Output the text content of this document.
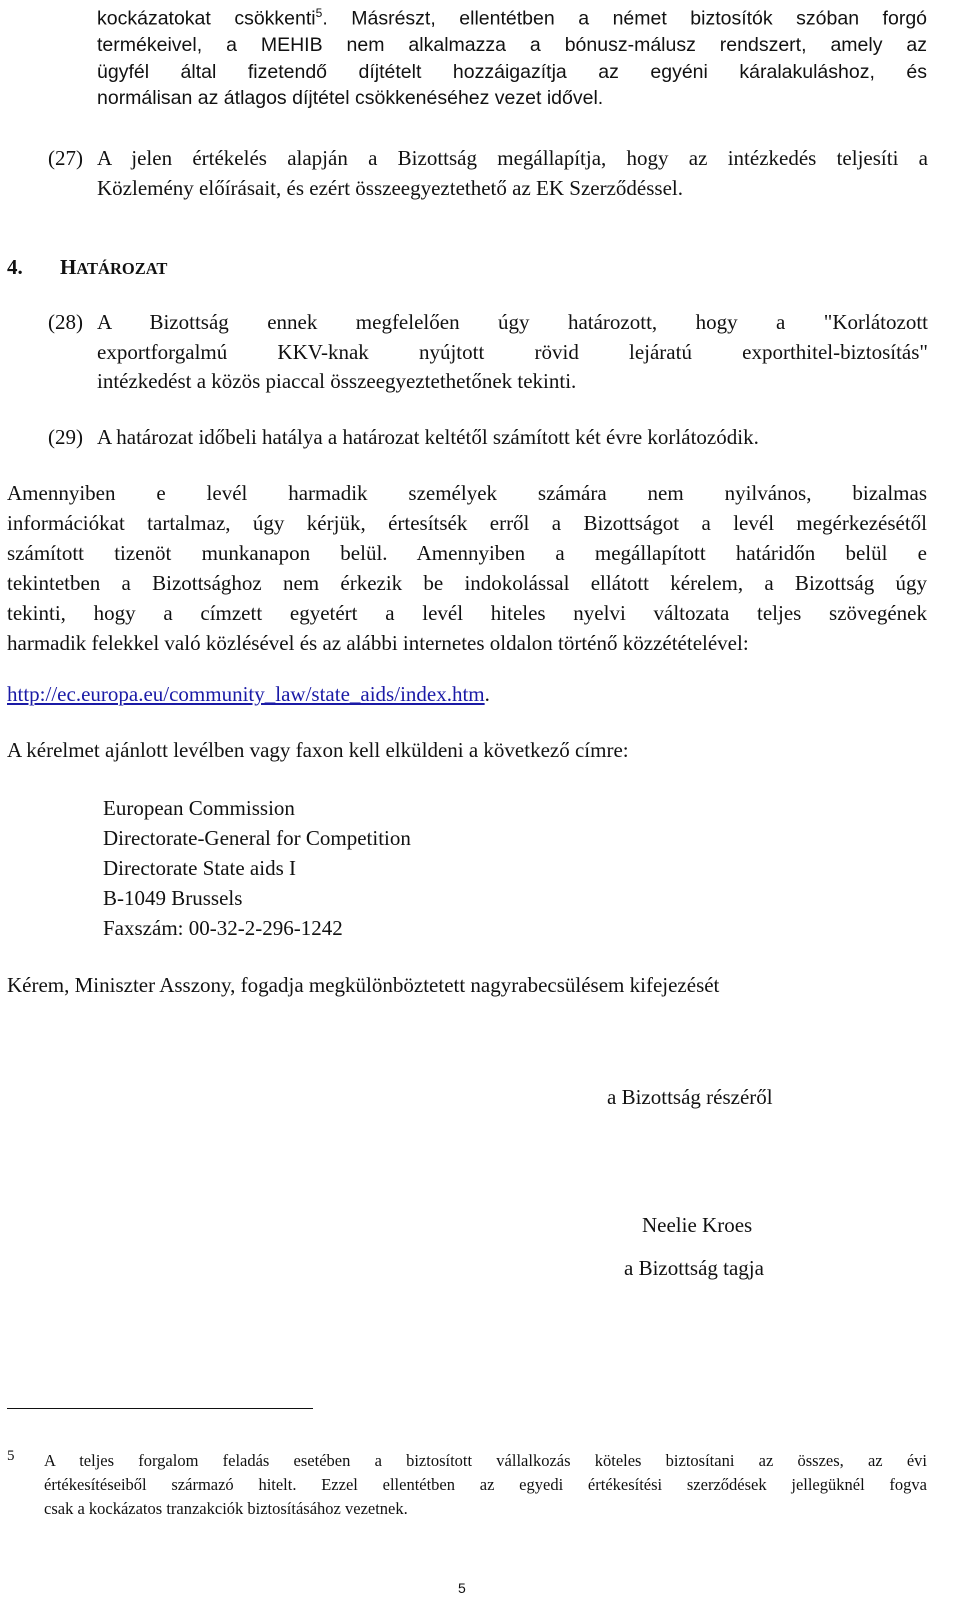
kockázatokat csökkenti$^5$. Másrészt, ellentétben a német biztosítók szóban forgó
termékeivel, a MEHIB nem alkalmazza a bónusz-málusz rendszert, amely az
ügyfél által fizetendő díjtételt hozzáigazítja az egyéni káralakuláshoz, és
normálisan az átlagos díjtétel csökkenéséhez vezet idővel.
(27) A jelen értékelés alapján a Bizottság megállapítja, hogy az intézkedés teljesíti a
Közlemény előírásait, és ezért összeegyeztethető az EK Szerződéssel.
4. HATÁROZAT
(28) A Bizottság ennek megfelelően úgy határozott, hogy a "Korlátozott
exportforgalmú KKV-knak nyújtott rövid lejáratú exporthitel-biztosítás"
intézkedést a közös piaccal összeegyeztethetőnek tekinti.
(29) A határozat időbeli hatálya a határozat keltétől számított két évre korlátozódik.
Amennyiben e levél harmadik személyek számára nem nyilvános, bizalmas
információkat tartalmaz, úgy kérjük, értesítsék erről a Bizottságot a levél megérkezésétől
számított tizenöt munkanapon belül. Amennyiben a megállapított határidőn belül e
tekintetben a Bizottsághoz nem érkezik be indokolással ellátott kérelem, a Bizottság úgy
tekinti, hogy a címzett egyetért a levél hiteles nyelvi változata teljes szövegének
harmadik felekkel való közlésével és az alábbi internetes oldalon történő közzétételével:
http://ec.europa.eu/community_law/state_aids/index.htm.
A kérelmet ajánlott levélben vagy faxon kell elküldeni a következő címre:
European Commission
Directorate-General for Competition
Directorate State aids I
B-1049 Brussels
Faxszám: 00-32-2-296-1242
Kérem, Miniszter Asszony, fogadja megkülönböztetett nagyrabecsülésem kifejezését
a Bizottság részéről
Neelie Kroes
a Bizottság tagja
5 A teljes forgalom feladás esetében a biztosított vállalkozás köteles biztosítani az összes, az évi
értékesítéseiből származó hitelt. Ezzel ellentétben az egyedi értékesítési szerződések jellegüknél fogva
csak a kockázatos tranzakciók biztosításához vezetnek.
5
